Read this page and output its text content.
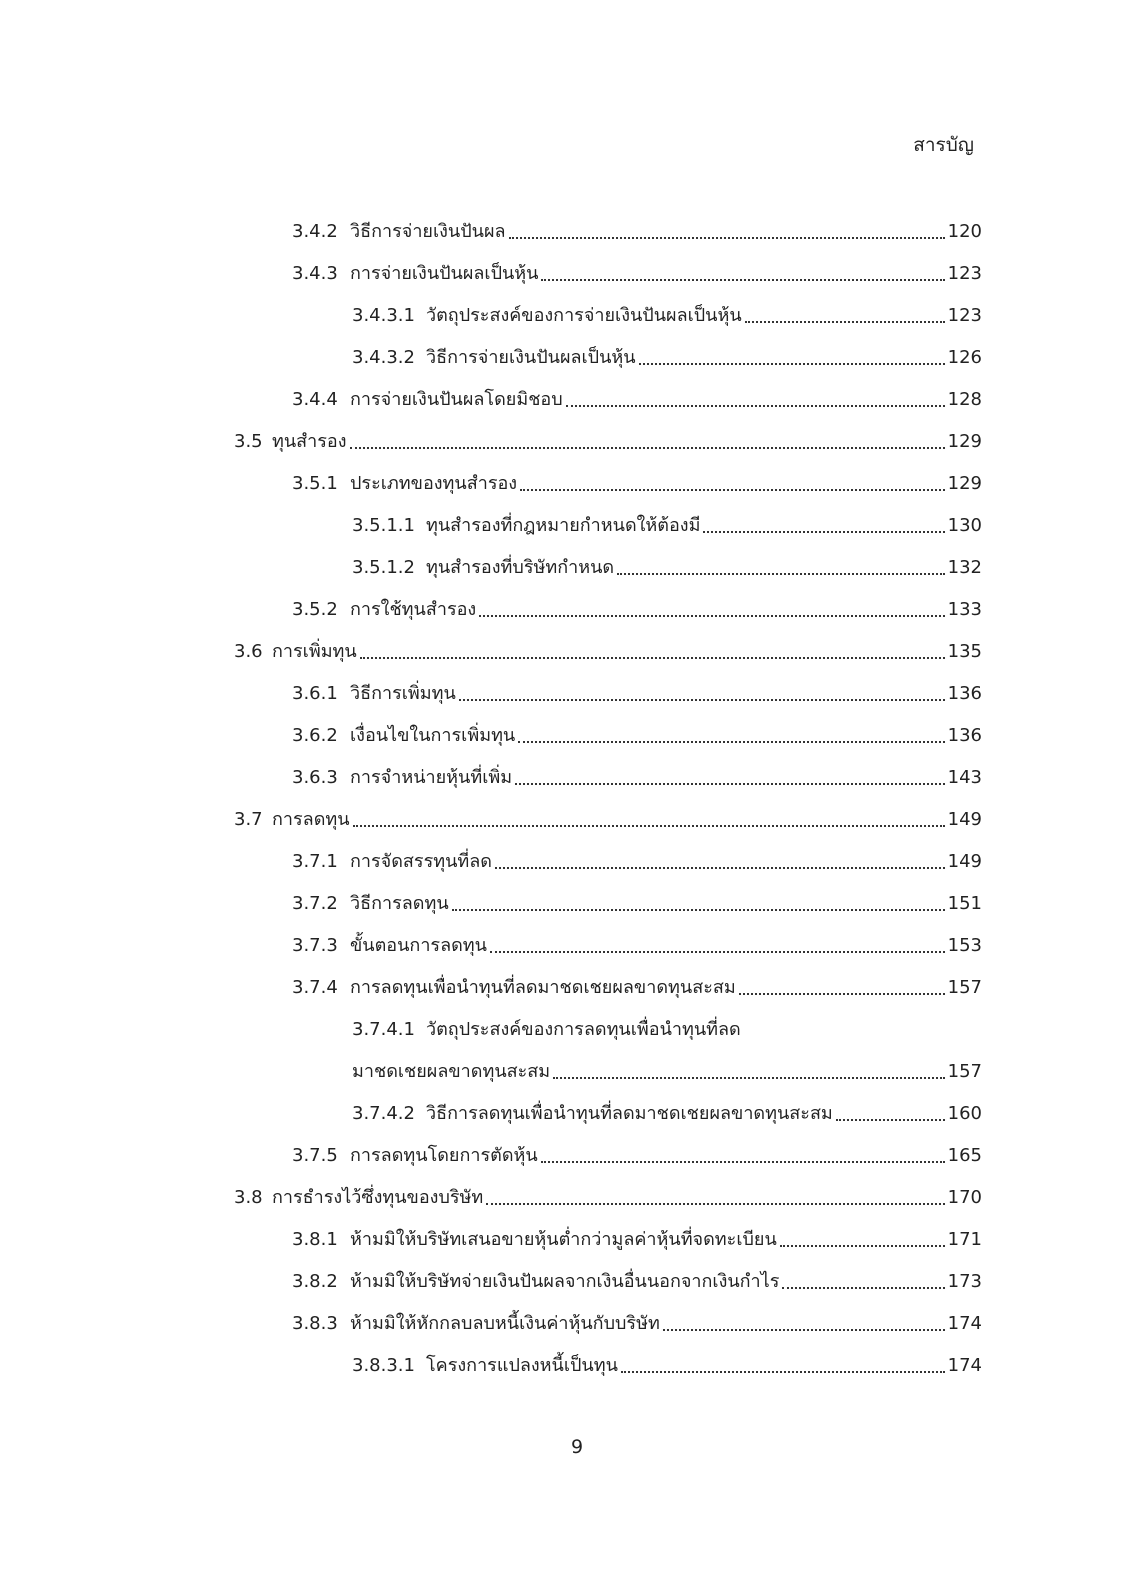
สารบัญ
3.4.2 วิธีการจ่ายเงินปันผล	120
3.4.3 การจ่ายเงินปันผลเป็นหุ้น	123
3.4.3.1 วัตถุประสงค์ของการจ่ายเงินปันผลเป็นหุ้น	123
3.4.3.2 วิธีการจ่ายเงินปันผลเป็นหุ้น	126
3.4.4 การจ่ายเงินปันผลโดยมิชอบ	128
3.5 ทุนสำรอง	129
3.5.1 ประเภทของทุนสำรอง	129
3.5.1.1 ทุนสำรองที่กฎหมายกำหนดให้ต้องมี	130
3.5.1.2 ทุนสำรองที่บริษัทกำหนด	132
3.5.2 การใช้ทุนสำรอง	133
3.6 การเพิ่มทุน	135
3.6.1 วิธีการเพิ่มทุน	136
3.6.2 เงื่อนไขในการเพิ่มทุน	136
3.6.3 การจำหน่ายหุ้นที่เพิ่ม	143
3.7 การลดทุน	149
3.7.1 การจัดสรรทุนที่ลด	149
3.7.2 วิธีการลดทุน	151
3.7.3 ขั้นตอนการลดทุน	153
3.7.4 การลดทุนเพื่อนำทุนที่ลดมาชดเชยผลขาดทุนสะสม	157
3.7.4.1 วัตถุประสงค์ของการลดทุนเพื่อนำทุนที่ลด
มาชดเชยผลขาดทุนสะสม	157
3.7.4.2 วิธีการลดทุนเพื่อนำทุนที่ลดมาชดเชยผลขาดทุนสะสม	160
3.7.5 การลดทุนโดยการตัดหุ้น	165
3.8 การธำรงไว้ซึ่งทุนของบริษัท	170
3.8.1 ห้ามมิให้บริษัทเสนอขายหุ้นต่ำกว่ามูลค่าหุ้นที่จดทะเบียน	171
3.8.2 ห้ามมิให้บริษัทจ่ายเงินปันผลจากเงินอื่นนอกจากเงินกำไร	173
3.8.3 ห้ามมิให้หักกลบลบหนี้เงินค่าหุ้นกับบริษัท	174
3.8.3.1 โครงการแปลงหนี้เป็นทุน	174
9
